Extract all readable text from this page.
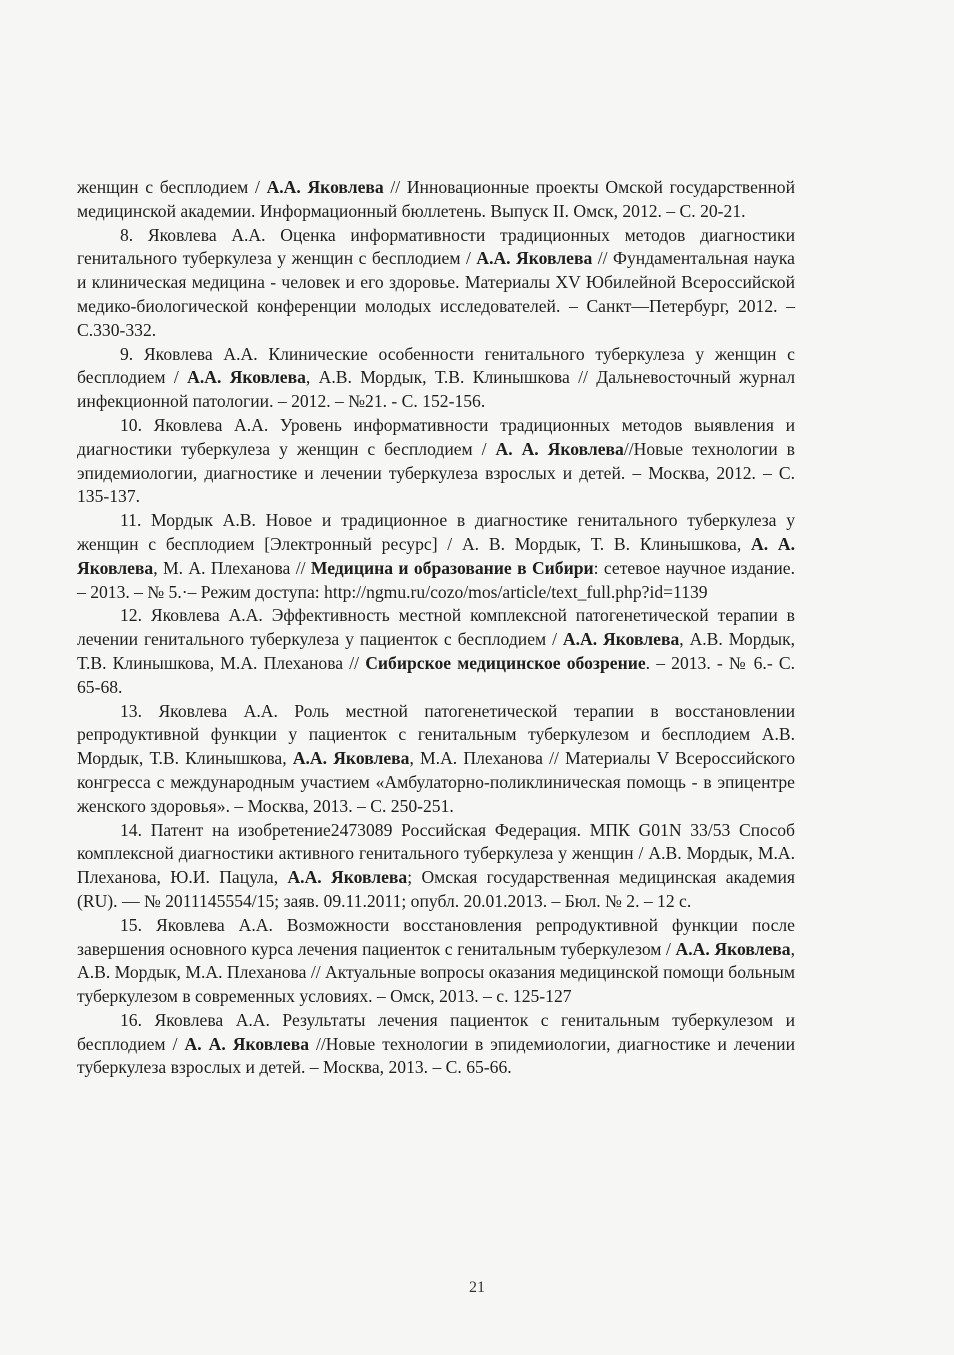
женщин с бесплодием / А.А. Яковлева // Инновационные проекты Омской государственной медицинской академии. Информационный бюллетень. Выпуск II. Омск, 2012. – С. 20-21.

8. Яковлева А.А. Оценка информативности традиционных методов диагностики генитального туберкулеза у женщин с бесплодием / А.А. Яковлева // Фундаментальная наука и клиническая медицина - человек и его здоровье. Материалы XV Юбилейной Всероссийской медико-биологической конференции молодых исследователей. – Санкт—Петербург, 2012. – С.330-332.

9. Яковлева А.А. Клинические особенности генитального туберкулеза у женщин с бесплодием / А.А. Яковлева, А.В. Мордык, Т.В. Клинышкова // Дальневосточный журнал инфекционной патологии. – 2012. – №21. - С. 152-156.

10. Яковлева А.А. Уровень информативности традиционных методов выявления и диагностики туберкулеза у женщин с бесплодием / А. А. Яковлева//Новые технологии в эпидемиологии, диагностике и лечении туберкулеза взрослых и детей. – Москва, 2012. – С. 135-137.

11. Мордык А.В. Новое и традиционное в диагностике генитального туберкулеза у женщин с бесплодием [Электронный ресурс] / А. В. Мордык, Т. В. Клинышкова, А. А. Яковлева, М. А. Плеханова // Медицина и образование в Сибири: сетевое научное издание. – 2013. – № 5.·– Режим доступа: http://ngmu.ru/cozo/mos/article/text_full.php?id=1139

12. Яковлева А.А. Эффективность местной комплексной патогенетической терапии в лечении генитального туберкулеза у пациенток с бесплодием / А.А. Яковлева, А.В. Мордык, Т.В. Клинышкова, М.А. Плеханова // Сибирское медицинское обозрение. – 2013. - № 6.- С. 65-68.

13. Яковлева А.А. Роль местной патогенетической терапии в восстановлении репродуктивной функции у пациенток с генитальным туберкулезом и бесплодием А.В. Мордык, Т.В. Клинышкова, А.А. Яковлева, М.А. Плеханова // Материалы V Всероссийского конгресса с международным участием «Амбулаторно-поликлиническая помощь - в эпицентре женского здоровья». – Москва, 2013. – С. 250-251.

14. Патент на изобретение2473089 Российская Федерация. МПК G01N 33/53 Способ комплексной диагностики активного генитального туберкулеза у женщин / А.В. Мордык, М.А. Плеханова, Ю.И. Пацула, А.А. Яковлева; Омская государственная медицинская академия (RU). — № 2011145554/15; заяв. 09.11.2011; опубл. 20.01.2013. – Бюл. № 2. – 12 с.

15. Яковлева А.А. Возможности восстановления репродуктивной функции после завершения основного курса лечения пациенток с генитальным туберкулезом / А.А. Яковлева, А.В. Мордык, М.А. Плеханова // Актуальные вопросы оказания медицинской помощи больным туберкулезом в современных условиях. – Омск, 2013. – с. 125-127

16. Яковлева А.А. Результаты лечения пациенток с генитальным туберкулезом и бесплодием / А. А. Яковлева //Новые технологии в эпидемиологии, диагностике и лечении туберкулеза взрослых и детей. – Москва, 2013. – С. 65-66.

21
